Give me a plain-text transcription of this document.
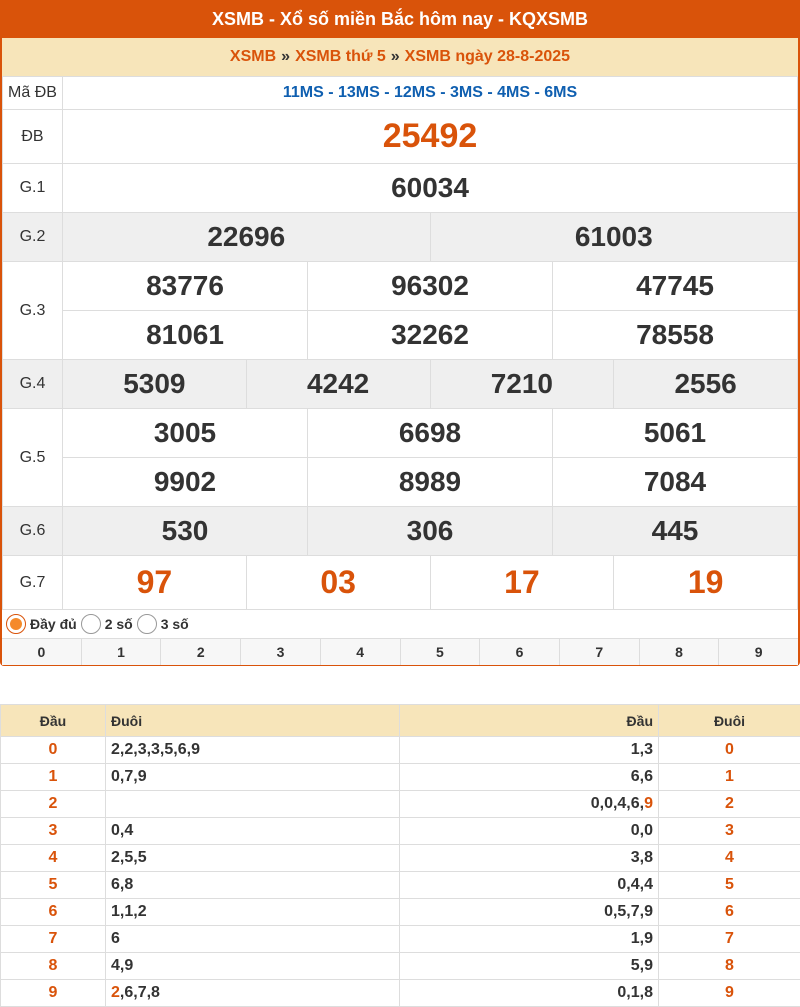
XSMB - Xổ số miền Bắc hôm nay - KQXSMB
XSMB » XSMB thứ 5 » XSMB ngày 28-8-2025
Mã ĐB	11MS - 13MS - 12MS - 3MS - 4MS - 6MS					
ĐB	25492					
G.1	60034					
G.2	22696			61003		
G.3	83776		96302		47745	
	81061		32262		78558	
G.4	5309	4242		7210		2556
G.5	3005		6698		5061	
	9902		8989		7084	
G.6	530		306		445	
G.7	97	03		17		19
Đầy đủ 2 số 3 số
0	1	2	3	4	5	6	7	8	9
Đầu	Đuôi	Đầu	Đuôi
0	2,2,3,3,5,6,9	1,3	0
1	0,7,9	6,6	1
2		0,0,4,6,9	2
3	0,4	0,0	3
4	2,5,5	3,8	4
5	6,8	0,4,4	5
6	1,1,2	0,5,7,9	6
7	6	1,9	7
8	4,9	5,9	8
9	2,6,7,8	0,1,8	9
